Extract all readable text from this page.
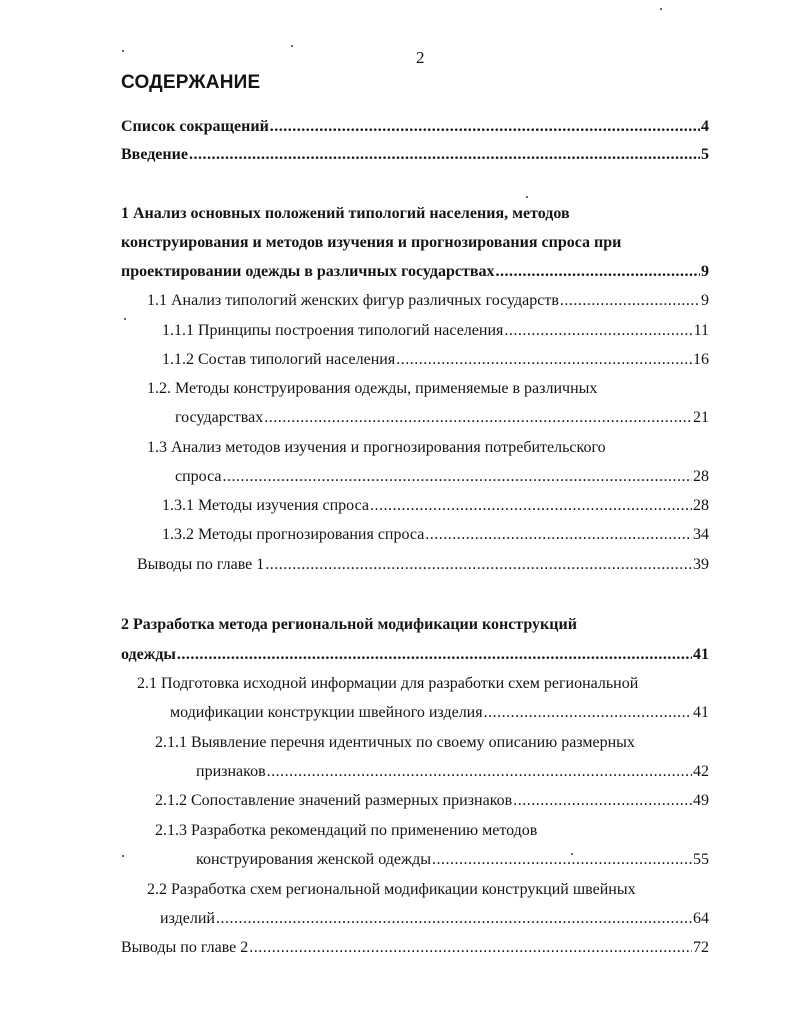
2
СОДЕРЖАНИЕ
Список сокращений .....	4
Введение .....	5
1 Анализ основных положений типологий населения, методов
конструирования и методов изучения и прогнозирования спроса при
проектировании одежды в различных государствах .....	9
1.1 Анализ типологий женских фигур различных государств .....	9
1.1.1 Принципы построения типологий населения .....	11
1.1.2 Состав типологий населения .....	16
1.2. Методы конструирования одежды, применяемые в различных
государствах .....	21
1.3 Анализ методов изучения и прогнозирования потребительского
спроса .....	28
1.3.1 Методы изучения спроса .....	28
1.3.2 Методы прогнозирования спроса .....	34
Выводы по главе 1 .....	39
2 Разработка метода региональной модификации конструкций
одежды .....	41
2.1 Подготовка исходной информации для разработки схем региональной
модификации конструкции швейного изделия .....	41
2.1.1 Выявление перечня идентичных по своему описанию размерных
признаков .....	42
2.1.2 Сопоставление значений размерных признаков .....	49
2.1.3 Разработка рекомендаций по применению методов
конструирования женской одежды .....	55
2.2 Разработка схем региональной модификации конструкций швейных
изделий .....	64
Выводы по главе 2 .....	72
